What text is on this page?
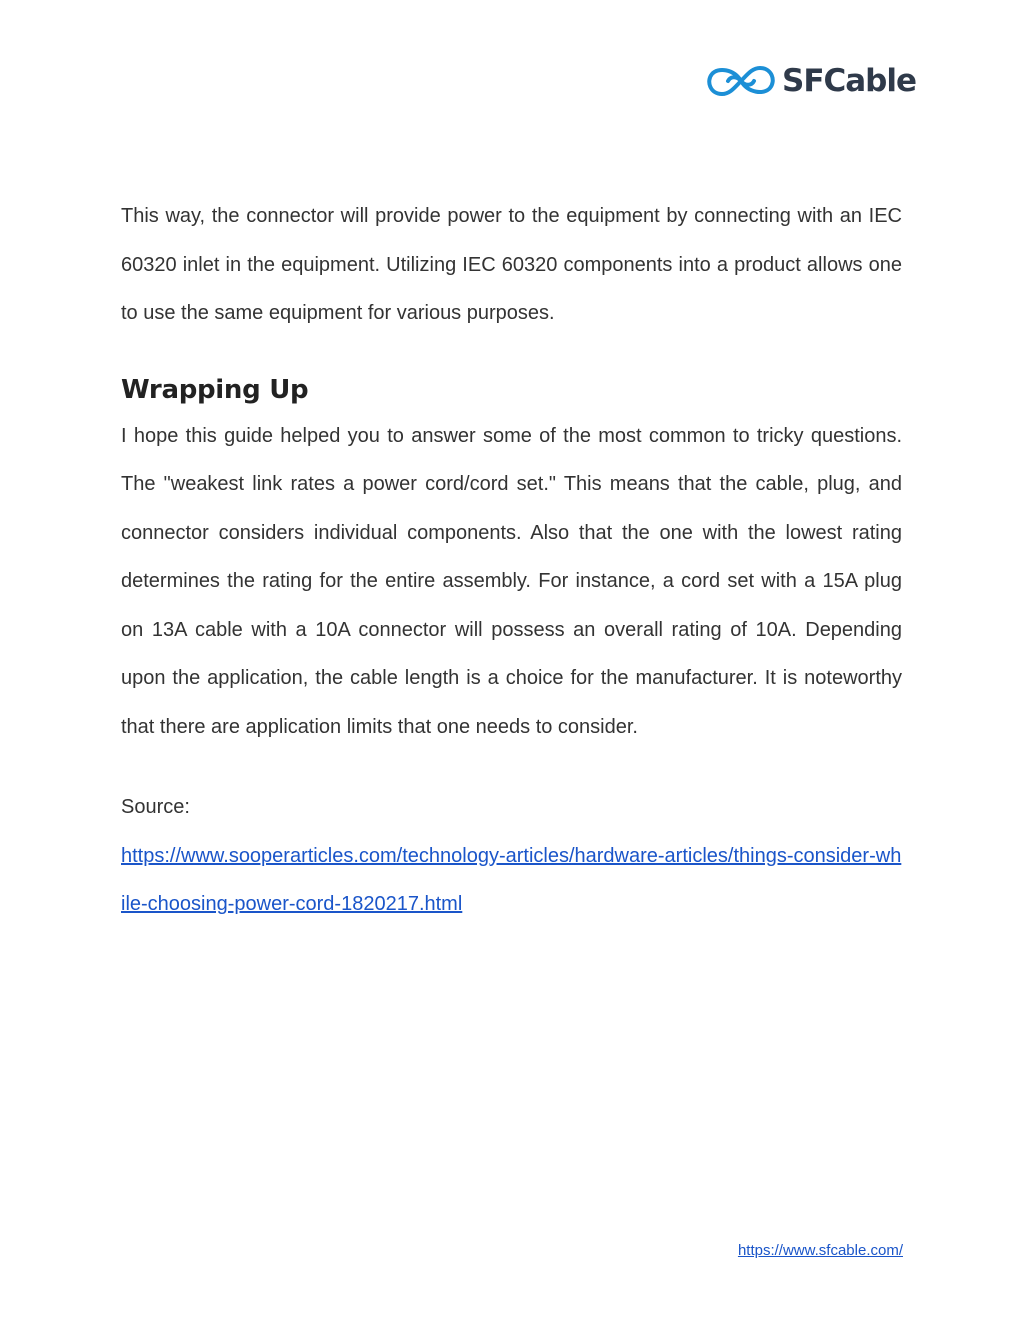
SFCable

This way, the connector will provide power to the equipment by connecting with an IEC 60320 inlet in the equipment. Utilizing IEC 60320 components into a product allows one to use the same equipment for various purposes.

Wrapping Up

I hope this guide helped you to answer some of the most common to tricky questions. The "weakest link rates a power cord/cord set." This means that the cable, plug, and connector considers individual components. Also that the one with the lowest rating determines the rating for the entire assembly. For instance, a cord set with a 15A plug on 13A cable with a 10A connector will possess an overall rating of 10A. Depending upon the application, the cable length is a choice for the manufacturer. It is noteworthy that there are application limits that one needs to consider.

Source:
https://www.sooperarticles.com/technology-articles/hardware-articles/things-consider-while-choosing-power-cord-1820217.html
https://www.sfcable.com/
